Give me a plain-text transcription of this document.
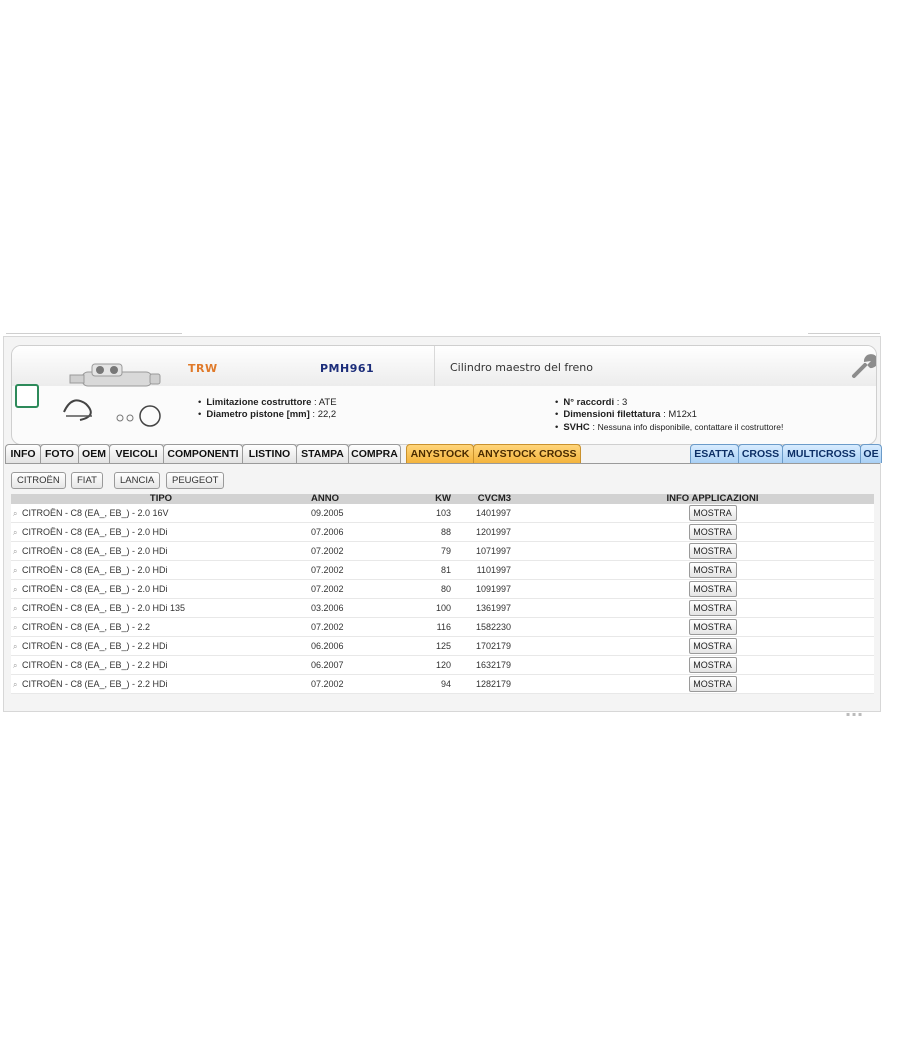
TRW	PMH961	Cilindro maestro del freno
• Limitazione costruttore : ATE
• Diametro pistone [mm] : 22,2
• N° raccordi : 3
• Dimensioni filettatura : M12x1
• SVHC : Nessuna info disponibile, contattare il costruttore!
INFO FOTO OEM VEICOLI COMPONENTI LISTINO	STAMPA COMPRA	ANYSTOCK ANYSTOCK CROSS	ESATTA CROSS MULTICROSS OE
CITROËN	FIAT	LANCIA	PEUGEOT
TIPO	ANNO	KW	CV	CM3	INFO APPLICAZIONI
⌕ CITROËN - C8 (EA_, EB_) - 2.0 16V	09.2005	103	140	1997	MOSTRA
⌕ CITROËN - C8 (EA_, EB_) - 2.0 HDi	07.2006	88	120	1997	MOSTRA
⌕ CITROËN - C8 (EA_, EB_) - 2.0 HDi	07.2002	79	107	1997	MOSTRA
⌕ CITROËN - C8 (EA_, EB_) - 2.0 HDi	07.2002	81	110	1997	MOSTRA
⌕ CITROËN - C8 (EA_, EB_) - 2.0 HDi	07.2002	80	109	1997	MOSTRA
⌕ CITROËN - C8 (EA_, EB_) - 2.0 HDi 135	03.2006	100	136	1997	MOSTRA
⌕ CITROËN - C8 (EA_, EB_) - 2.2	07.2002	116	158	2230	MOSTRA
⌕ CITROËN - C8 (EA_, EB_) - 2.2 HDi	06.2006	125	170	2179	MOSTRA
⌕ CITROËN - C8 (EA_, EB_) - 2.2 HDi	06.2007	120	163	2179	MOSTRA
⌕ CITROËN - C8 (EA_, EB_) - 2.2 HDi	07.2002	94	128	2179	MOSTRA
▪ ▪ ▪
